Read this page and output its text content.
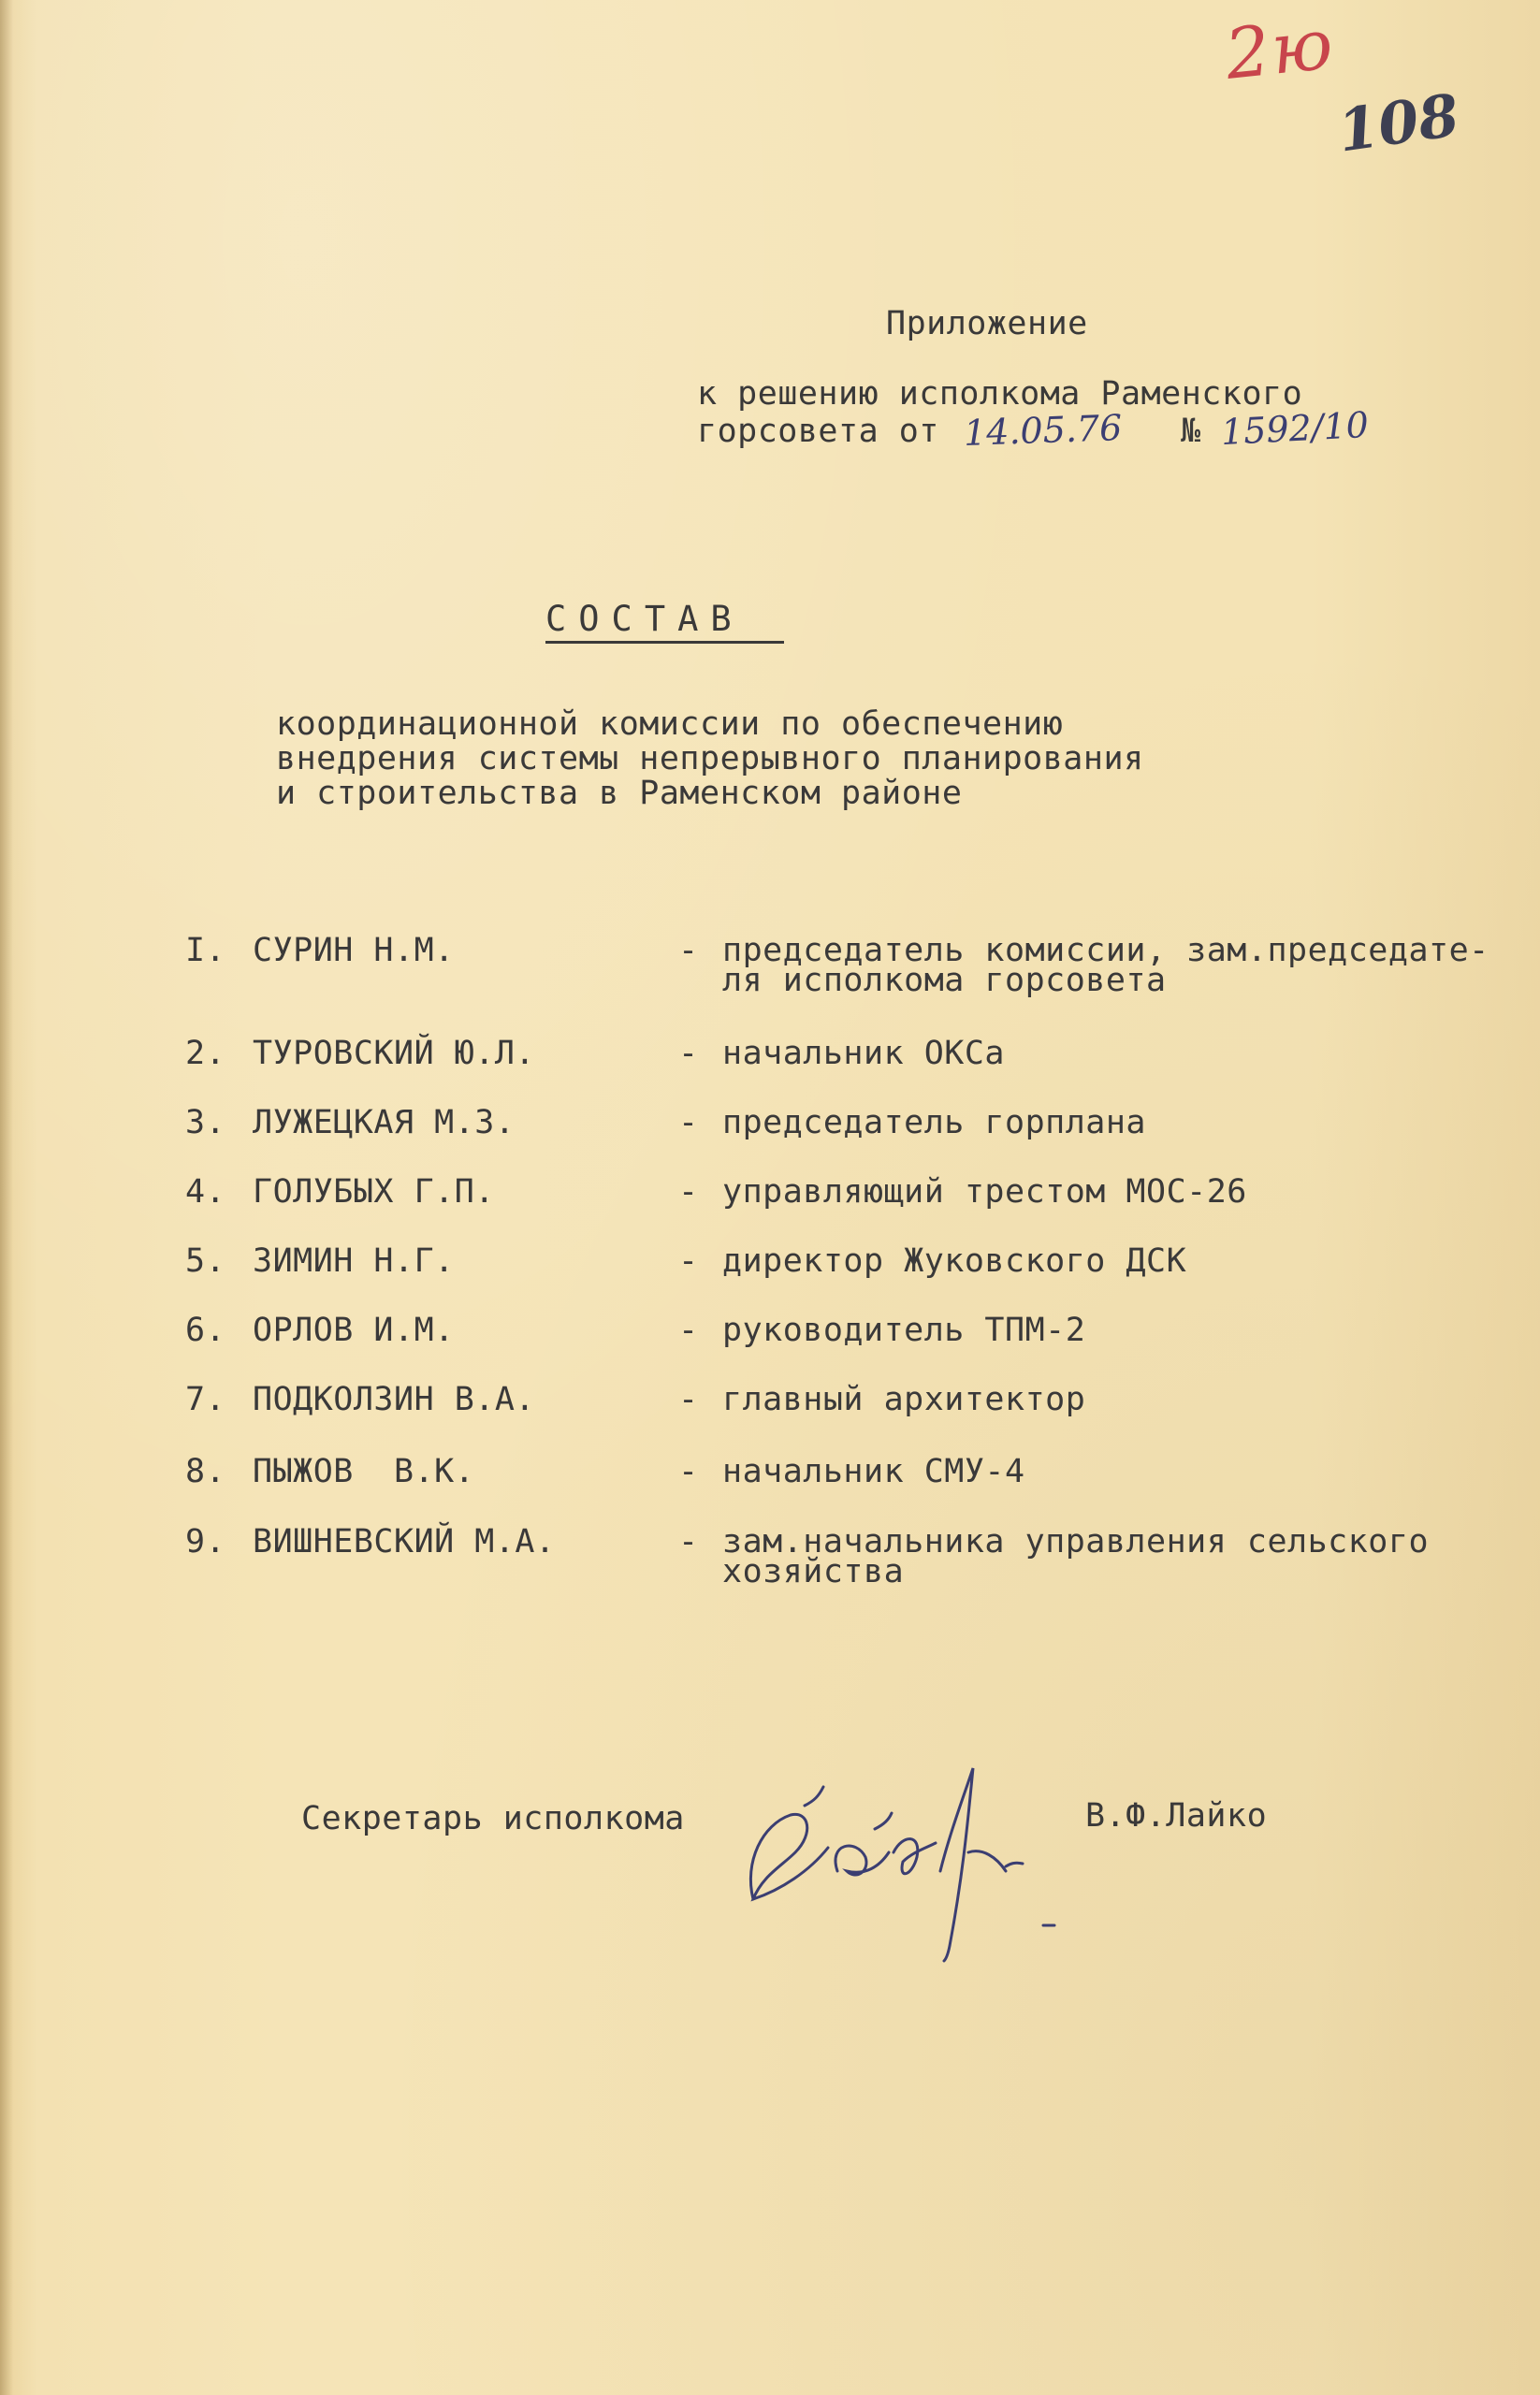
2ю
108
Приложение
к решению исполкома Раменского
горсовета от 14.05.76 № 1592/10
СОСТАВ
координационной комиссии по обеспечению
внедрения системы непрерывного планирования
и строительства в Раменском районе
I. СУРИН Н.М.	- председатель комиссии, зам.председате-
ля исполкома горсовета
2. ТУРОВСКИЙ Ю.Л.	- начальник ОКСа
3. ЛУЖЕЦКАЯ М.З.	- председатель горплана
4. ГОЛУБЫХ Г.П.	- управляющий трестом МОС-26
5. ЗИМИН Н.Г.	- директор Жуковского ДСК
6. ОРЛОВ И.М.	- руководитель ТПМ-2
7. ПОДКОЛЗИН В.А.	- главный архитектор
8. ПЫЖОВ  В.К.	- начальник СМУ-4
9. ВИШНЕВСКИЙ М.А.	- зам.начальника управления сельского
хозяйства
Секретарь исполкома	В.Ф.Лайко
